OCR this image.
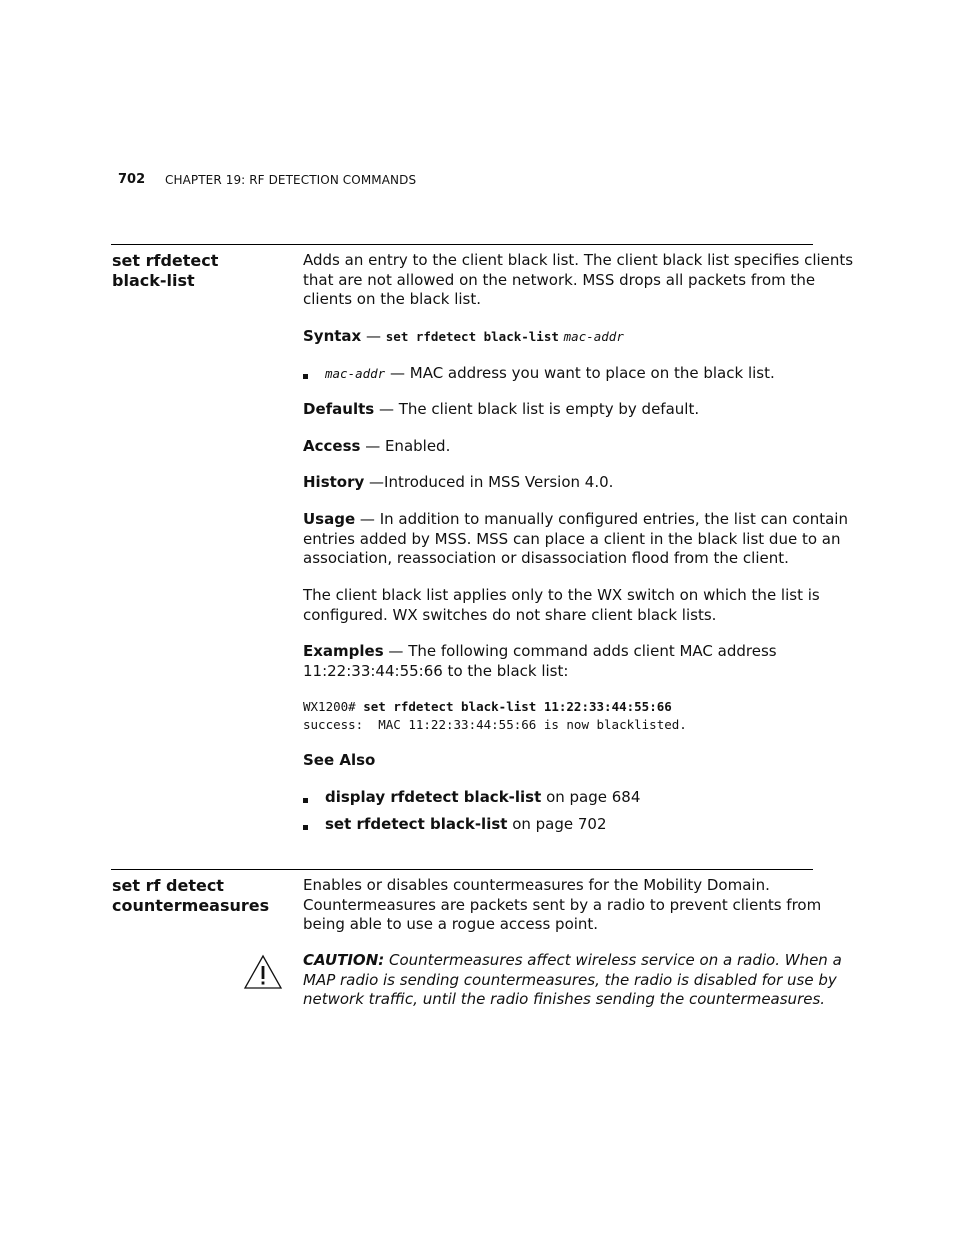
702 CHAPTER 19: RF DETECTION COMMANDS
set rfdetect
black-list
Adds an entry to the client black list. The client black list specifies clients
that are not allowed on the network. MSS drops all packets from the
clients on the black list.
Syntax — set rfdetect black-list mac-addr
mac-addr — MAC address you want to place on the black list.
Defaults — The client black list is empty by default.
Access — Enabled.
History —Introduced in MSS Version 4.0.
Usage — In addition to manually configured entries, the list can contain
entries added by MSS. MSS can place a client in the black list due to an
association, reassociation or disassociation flood from the client.
The client black list applies only to the WX switch on which the list is
configured. WX switches do not share client black lists.
Examples — The following command adds client MAC address
11:22:33:44:55:66 to the black list:
WX1200# set rfdetect black-list 11:22:33:44:55:66
success:  MAC 11:22:33:44:55:66 is now blacklisted.
See Also
display rfdetect black-list on page 684
set rfdetect black-list on page 702
set rf detect
countermeasures
Enables or disables countermeasures for the Mobility Domain.
Countermeasures are packets sent by a radio to prevent clients from
being able to use a rogue access point.
CAUTION: Countermeasures affect wireless service on a radio. When a
MAP radio is sending countermeasures, the radio is disabled for use by
network traffic, until the radio finishes sending the countermeasures.
